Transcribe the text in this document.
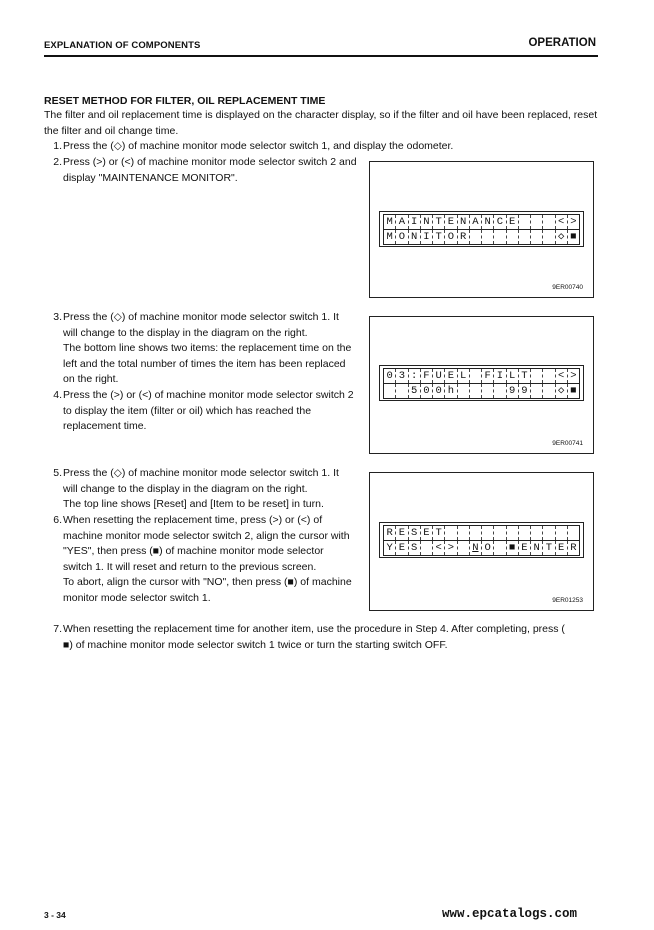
EXPLANATION OF COMPONENTS	OPERATION
RESET METHOD FOR FILTER, OIL REPLACEMENT TIME
The filter and oil replacement time is displayed on the character display, so if the filter and oil have been replaced, reset the filter and oil change time.
1. Press the (◇) of machine monitor mode selector switch 1, and display the odometer.
2. Press (>) or (<) of machine monitor mode selector switch 2 and
display "MAINTENANCE MONITOR".
M A I N T E N A N C E	< >
M O N I T O R	◇ ■
9ER00740
3. Press the (◇) of machine monitor mode selector switch 1. It
will change to the display in the diagram on the right.
The bottom line shows two items: the replacement time on the
left and the total number of times the item has been replaced
on the right.
4. Press the (>) or (<) of machine monitor mode selector switch 2
to display the item (filter or oil) which has reached the
replacement time.
0 3 : F U E L	F I L T	< >
5 0 0 h	9 9	◇ ■
9ER00741
5. Press the (◇) of machine monitor mode selector switch 1. It
will change to the display in the diagram on the right.
The top line shows [Reset] and [Item to be reset] in turn.
6. When resetting the replacement time, press (>) or (<) of
machine monitor mode selector switch 2, align the cursor with
"YES", then press (■) of machine monitor mode selector
switch 1. It will reset and return to the previous screen.
To abort, align the cursor with "NO", then press (■) of machine
monitor mode selector switch 1.
R E S E T
Y E S	< >	N O	■ E N T E R
9ER01253
7. When resetting the replacement time for another item, use the procedure in Step 4. After completing, press (
■) of machine monitor mode selector switch 1 twice or turn the starting switch OFF.
3 - 34	www.epcatalogs.com
